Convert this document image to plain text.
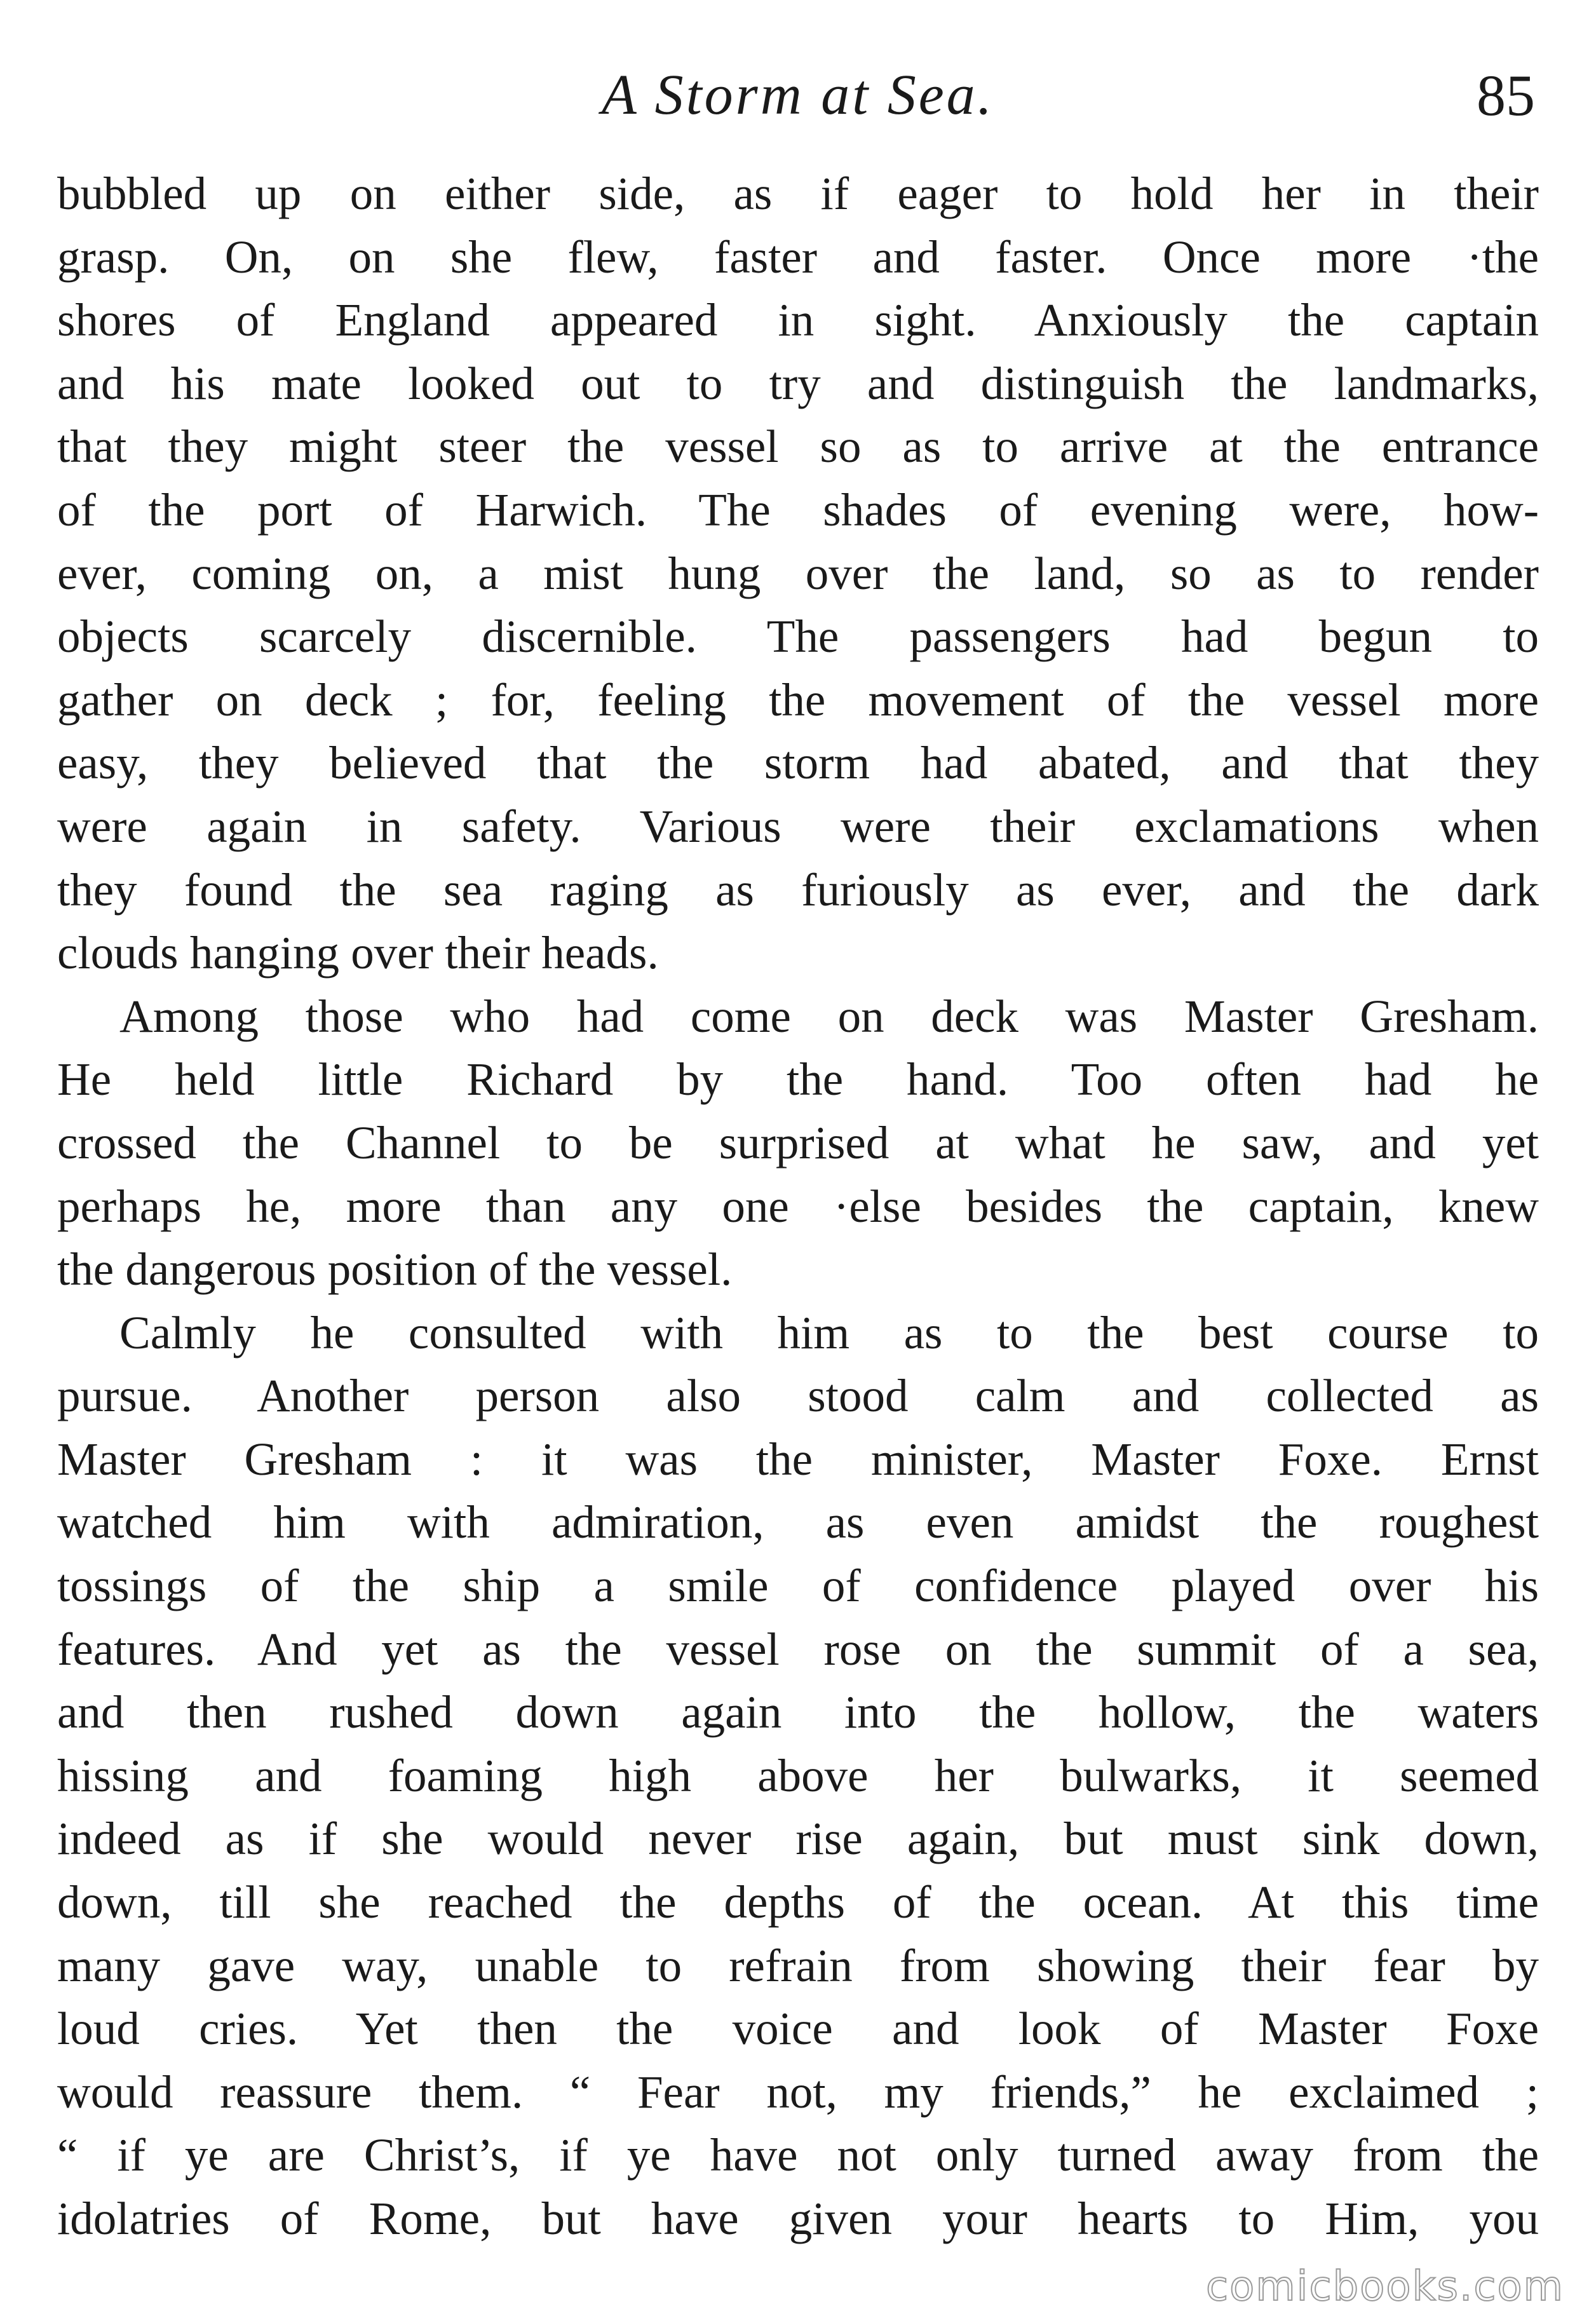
A Storm at Sea.	85
bubbled up on either side, as if eager to hold her in their
grasp. On, on she flew, faster and faster. Once more ·the
shores of England appeared in sight. Anxiously the captain
and his mate looked out to try and distinguish the landmarks,
that they might steer the vessel so as to arrive at the entrance
of the port of Harwich. The shades of evening were, how-
ever, coming on, a mist hung over the land, so as to render
objects scarcely discernible. The passengers had begun to
gather on deck ; for, feeling the movement of the vessel more
easy, they believed that the storm had abated, and that they
were again in safety. Various were their exclamations when
they found the sea raging as furiously as ever, and the dark
clouds hanging over their heads.
Among those who had come on deck was Master Gresham.
He held little Richard by the hand. Too often had he
crossed the Channel to be surprised at what he saw, and yet
perhaps he, more than any one ·else besides the captain, knew
the dangerous position of the vessel.
Calmly he consulted with him as to the best course to
pursue. Another person also stood calm and collected as
Master Gresham : it was the minister, Master Foxe. Ernst
watched him with admiration, as even amidst the roughest
tossings of the ship a smile of confidence played over his
features. And yet as the vessel rose on the summit of a sea,
and then rushed down again into the hollow, the waters
hissing and foaming high above her bulwarks, it seemed
indeed as if she would never rise again, but must sink down,
down, till she reached the depths of the ocean. At this time
many gave way, unable to refrain from showing their fear by
loud cries. Yet then the voice and look of Master Foxe
would reassure them. “ Fear not, my friends,” he exclaimed ;
“ if ye are Christ’s, if ye have not only turned away from the
idolatries of Rome, but have given your hearts to Him, you
comicbooks.com
